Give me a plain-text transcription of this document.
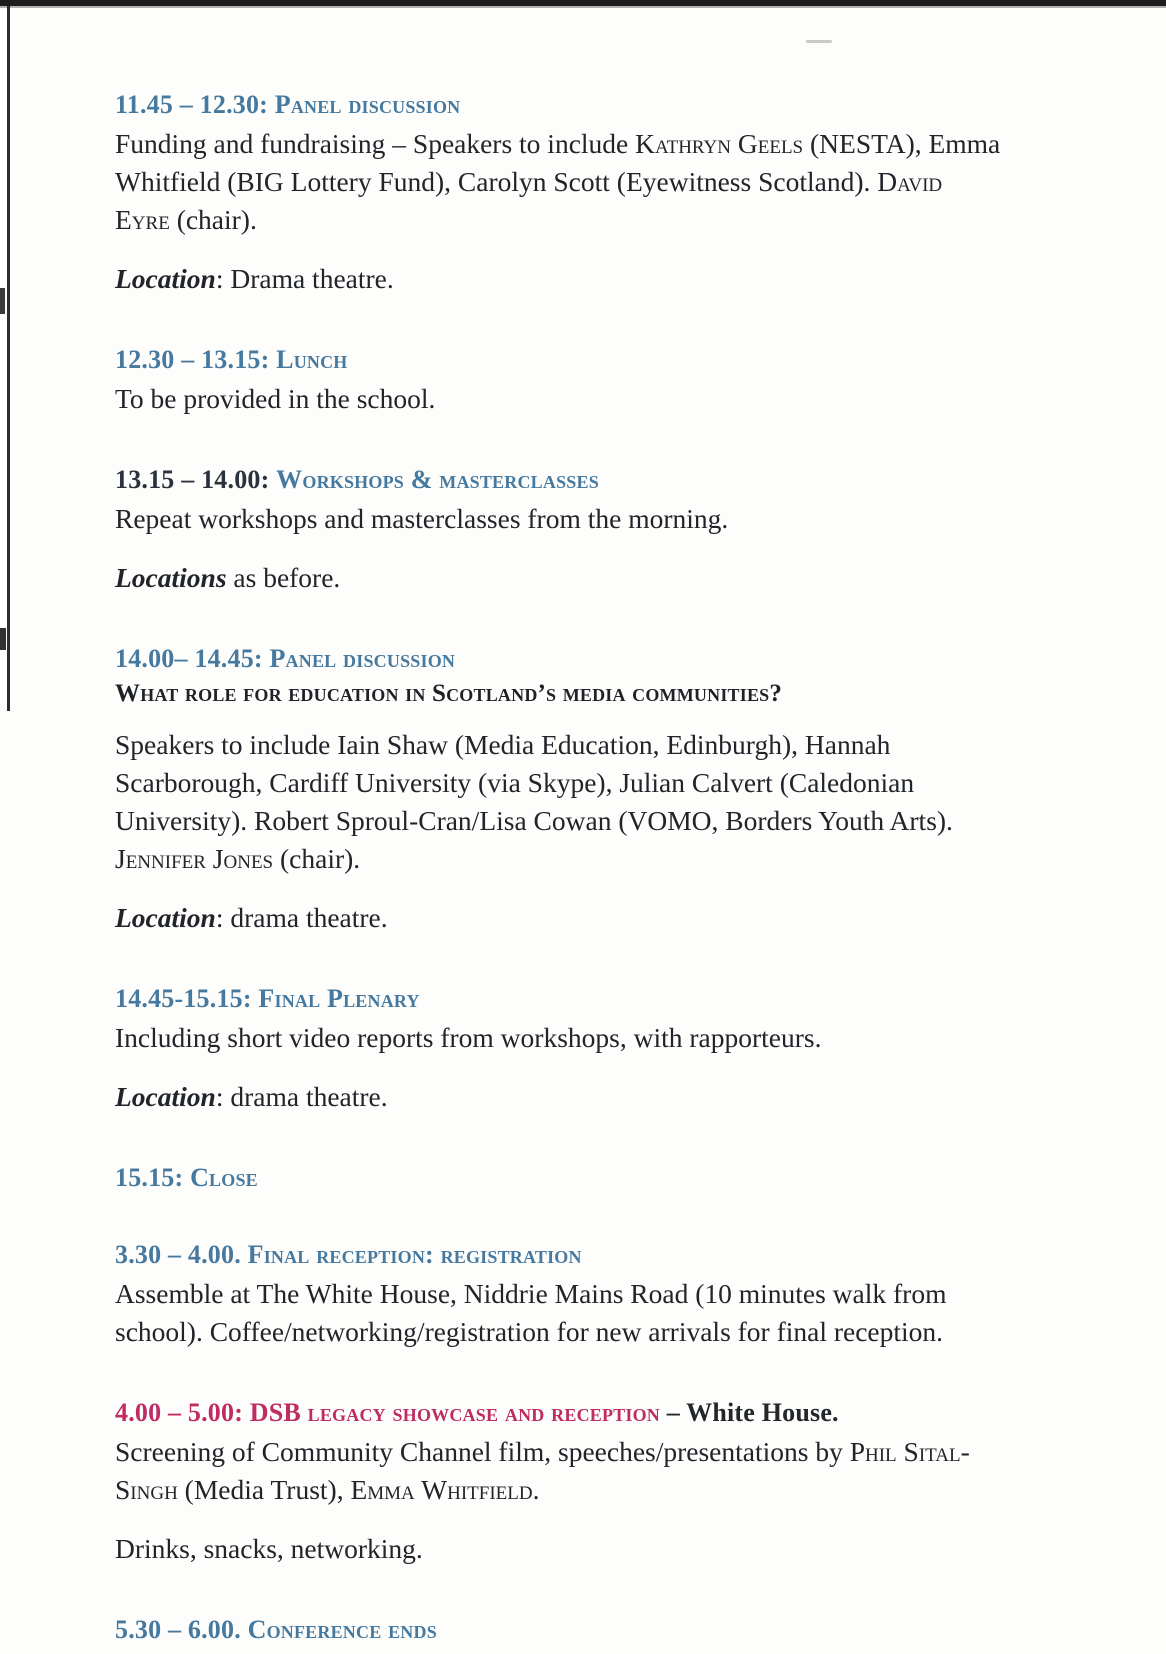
11.45 – 12.30: Panel discussion

Funding and fundraising – Speakers to include Kathryn Geels (NESTA), Emma Whitfield (BIG Lottery Fund), Carolyn Scott (Eyewitness Scotland). David Eyre (chair).

Location: Drama theatre.

12.30 – 13.15: Lunch

To be provided in the school.

13.15 – 14.00: Workshops & masterclasses

Repeat workshops and masterclasses from the morning.

Locations as before.

14.00– 14.45: Panel discussion
What role for education in Scotland’s media communities?

Speakers to include Iain Shaw (Media Education, Edinburgh), Hannah Scarborough, Cardiff University (via Skype), Julian Calvert (Caledonian University). Robert Sproul-Cran/Lisa Cowan (VOMO, Borders Youth Arts). Jennifer Jones (chair).

Location: drama theatre.

14.45-15.15: Final Plenary

Including short video reports from workshops, with rapporteurs.

Location: drama theatre.

15.15: Close
3.30 – 4.00. Final reception: registration

Assemble at The White House, Niddrie Mains Road (10 minutes walk from school). Coffee/networking/registration for new arrivals for final reception.

4.00 – 5.00: DSB legacy showcase and reception – White House.

Screening of Community Channel film, speeches/presentations by Phil Sital-Singh (Media Trust), Emma Whitfield.

Drinks, snacks, networking.

5.30 – 6.00. Conference ends
